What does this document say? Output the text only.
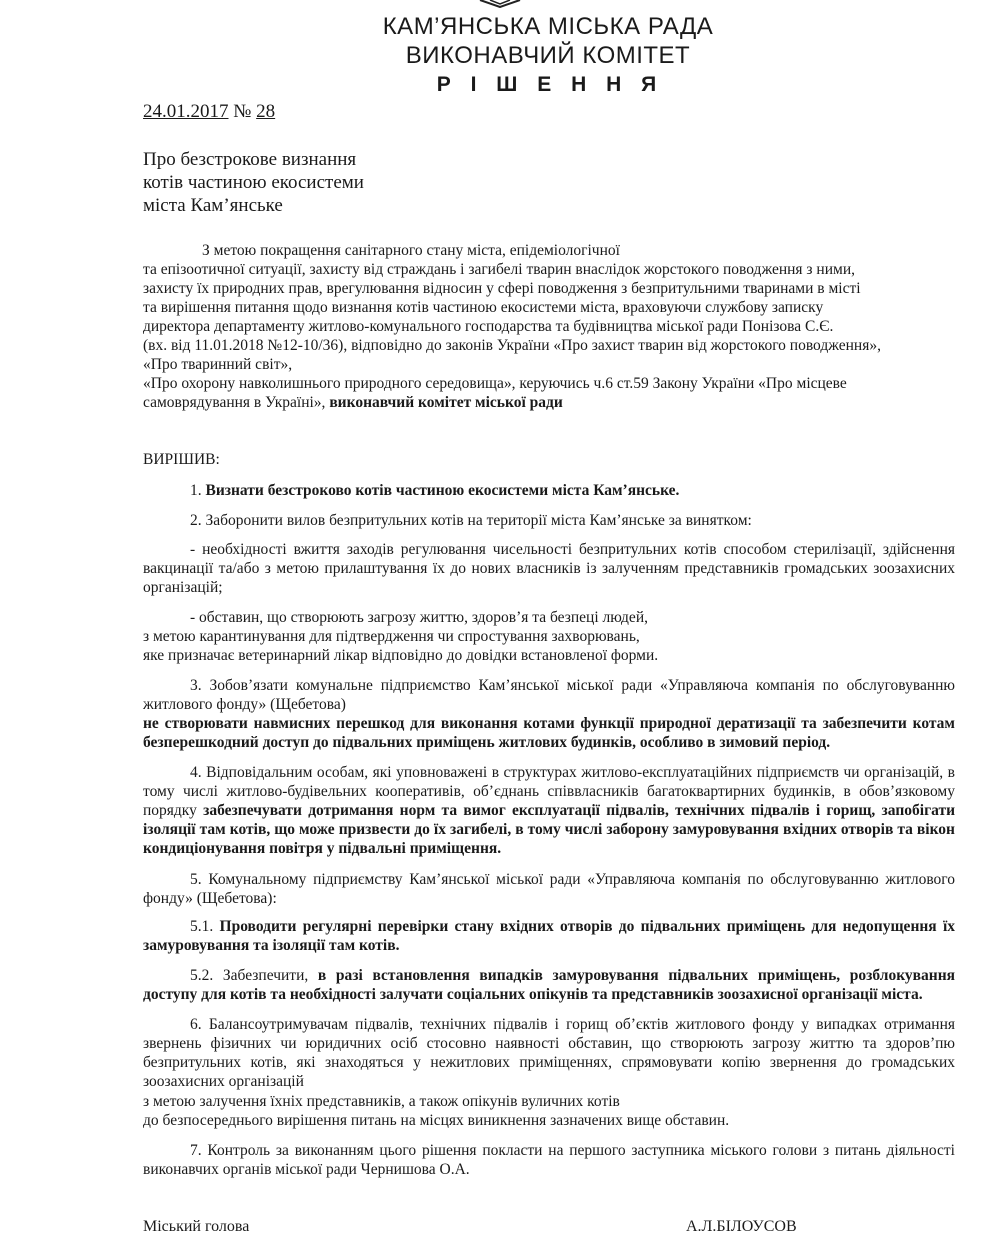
КАМ’ЯНСЬКА МІСЬКА РАДА
ВИКОНАВЧИЙ КОМІТЕТ
Р І Ш Е Н Н Я
24.01.2017 № 28
Про безстрокове визнання
котів частиною екосистеми
міста Кам’янське
З метою покращення санітарного стану міста, епідеміологічної
та епізоотичної ситуації, захисту від страждань і загибелі тварин внаслідок жорстокого поводження з ними,
захисту їх природних прав, врегулювання відносин у сфері поводження з безпритульними тваринами в місті
та вирішення питання щодо визнання котів частиною екосистеми міста, враховуючи службову записку
директора департаменту житлово-комунального господарства та будівництва міської ради Понізова С.Є.
(вх. від 11.01.2018 №12-10/36), відповідно до законів України «Про захист тварин від жорстокого поводження»,
«Про тваринний світ»,
«Про охорону навколишнього природного середовища», керуючись ч.6 ст.59 Закону України «Про місцеве
самоврядування в Україні», виконавчий комітет міської ради
ВИРІШИВ:
1. Визнати безстроково котів частиною екосистеми міста Кам’янське.
2. Заборонити вилов безпритульних котів на території міста Кам’янське за винятком:
- необхідності вжиття заходів регулювання чисельності безпритульних котів способом стерилізації, здійснення вакцинації та/або з метою прилаштування їх до нових власників із залученням представників громадських зоозахисних організацій;
- обставин, що створюють загрозу життю, здоров’я та безпеці людей,
з метою карантинування для підтвердження чи спростування захворювань,
яке призначає ветеринарний лікар відповідно до довідки встановленої форми.
3. Зобов’язати комунальне підприємство Кам’янської міської ради «Управляюча компанія по обслуговуванню житлового фонду» (Щебетова)
не створювати навмисних перешкод для виконання котами функції природної дератизації та забезпечити котам безперешкодний доступ до підвальних приміщень житлових будинків, особливо в зимовий період.
4. Відповідальним особам, які уповноважені в структурах житлово-експлуатаційних підприємств чи організацій, в тому числі житлово-будівельних кооперативів, об’єднань співвласників багатоквартирних будинків, в обов’язковому порядку забезпечувати дотримання норм та вимог експлуатації підвалів, технічних підвалів і горищ, запобігати ізоляції там котів, що може призвести до їх загибелі, в тому числі заборону замуровування вхідних отворів та вікон кондиціонування повітря у підвальні приміщення.
5. Комунальному підприємству Кам’янської міської ради «Управляюча компанія по обслуговуванню житлового фонду» (Щебетова):
5.1. Проводити регулярні перевірки стану вхідних отворів до підвальних приміщень для недопущення їх замуровування та ізоляції там котів.
5.2. Забезпечити, в разі встановлення випадків замуровування підвальних приміщень, розблокування доступу для котів та необхідності залучати соціальних опікунів та представників зоозахисної організації міста.
6. Балансоутримувачам підвалів, технічних підвалів і горищ об’єктів житлового фонду у випадках отримання звернень фізичних чи юридичних осіб стосовно наявності обставин, що створюють загрозу життю та здоров’пю безпритульних котів, які знаходяться у нежитлових приміщеннях, спрямовувати копію звернення до громадських зоозахисних організацій
з метою залучення їхніх представників, а також опікунів вуличних котів
до безпосереднього вирішення питань на місцях виникнення зазначених вище обставин.
7. Контроль за виконанням цього рішення покласти на першого заступника міського голови з питань діяльності виконавчих органів міської ради Чернишова О.А.
Міський голова	А.Л.БІЛОУСОВ
